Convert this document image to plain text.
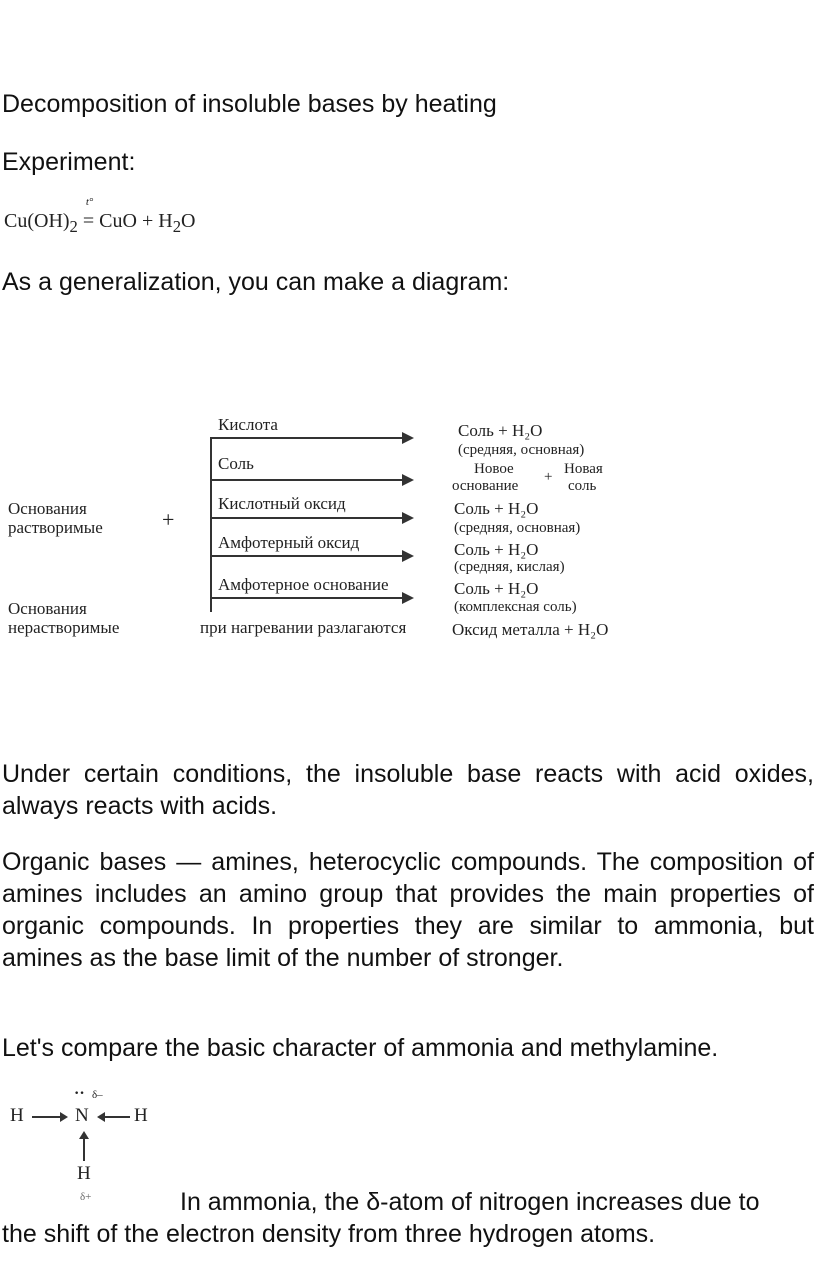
Decomposition of insoluble bases by heating

Experiment:

$Cu(OH)_2$
t°
= CuO + $H_2O$

As a generalization, you can make a diagram:

Основания
растворимые	+
Кислота
Соль
Кислотный оксид
Амфотерный оксид
Амфотерное основание
Основания
нерастворимые	при нагревании разлагаются
Соль + H₂O
(средняя, основная)
Новое
основание
+ Новая
соль
Соль + H₂O
(средняя, основная)
Соль + H₂O
(средняя, кислая)
Соль + H₂O
(комплексная соль)
Оксид металла + H₂O

Under certain conditions, the insoluble base reacts with acid oxides, always reacts with acids.

Organic bases — amines, heterocyclic compounds. The composition of amines includes an amino group that provides the main properties of organic compounds. In properties they are similar to ammonia, but amines as the base limit of the number of stronger.

Let's compare the basic character of ammonia and methylamine.

H
·· δ–
N H
H
δ+	In ammonia, the δ-atom of nitrogen increases due to

the shift of the electron density from three hydrogen atoms.
